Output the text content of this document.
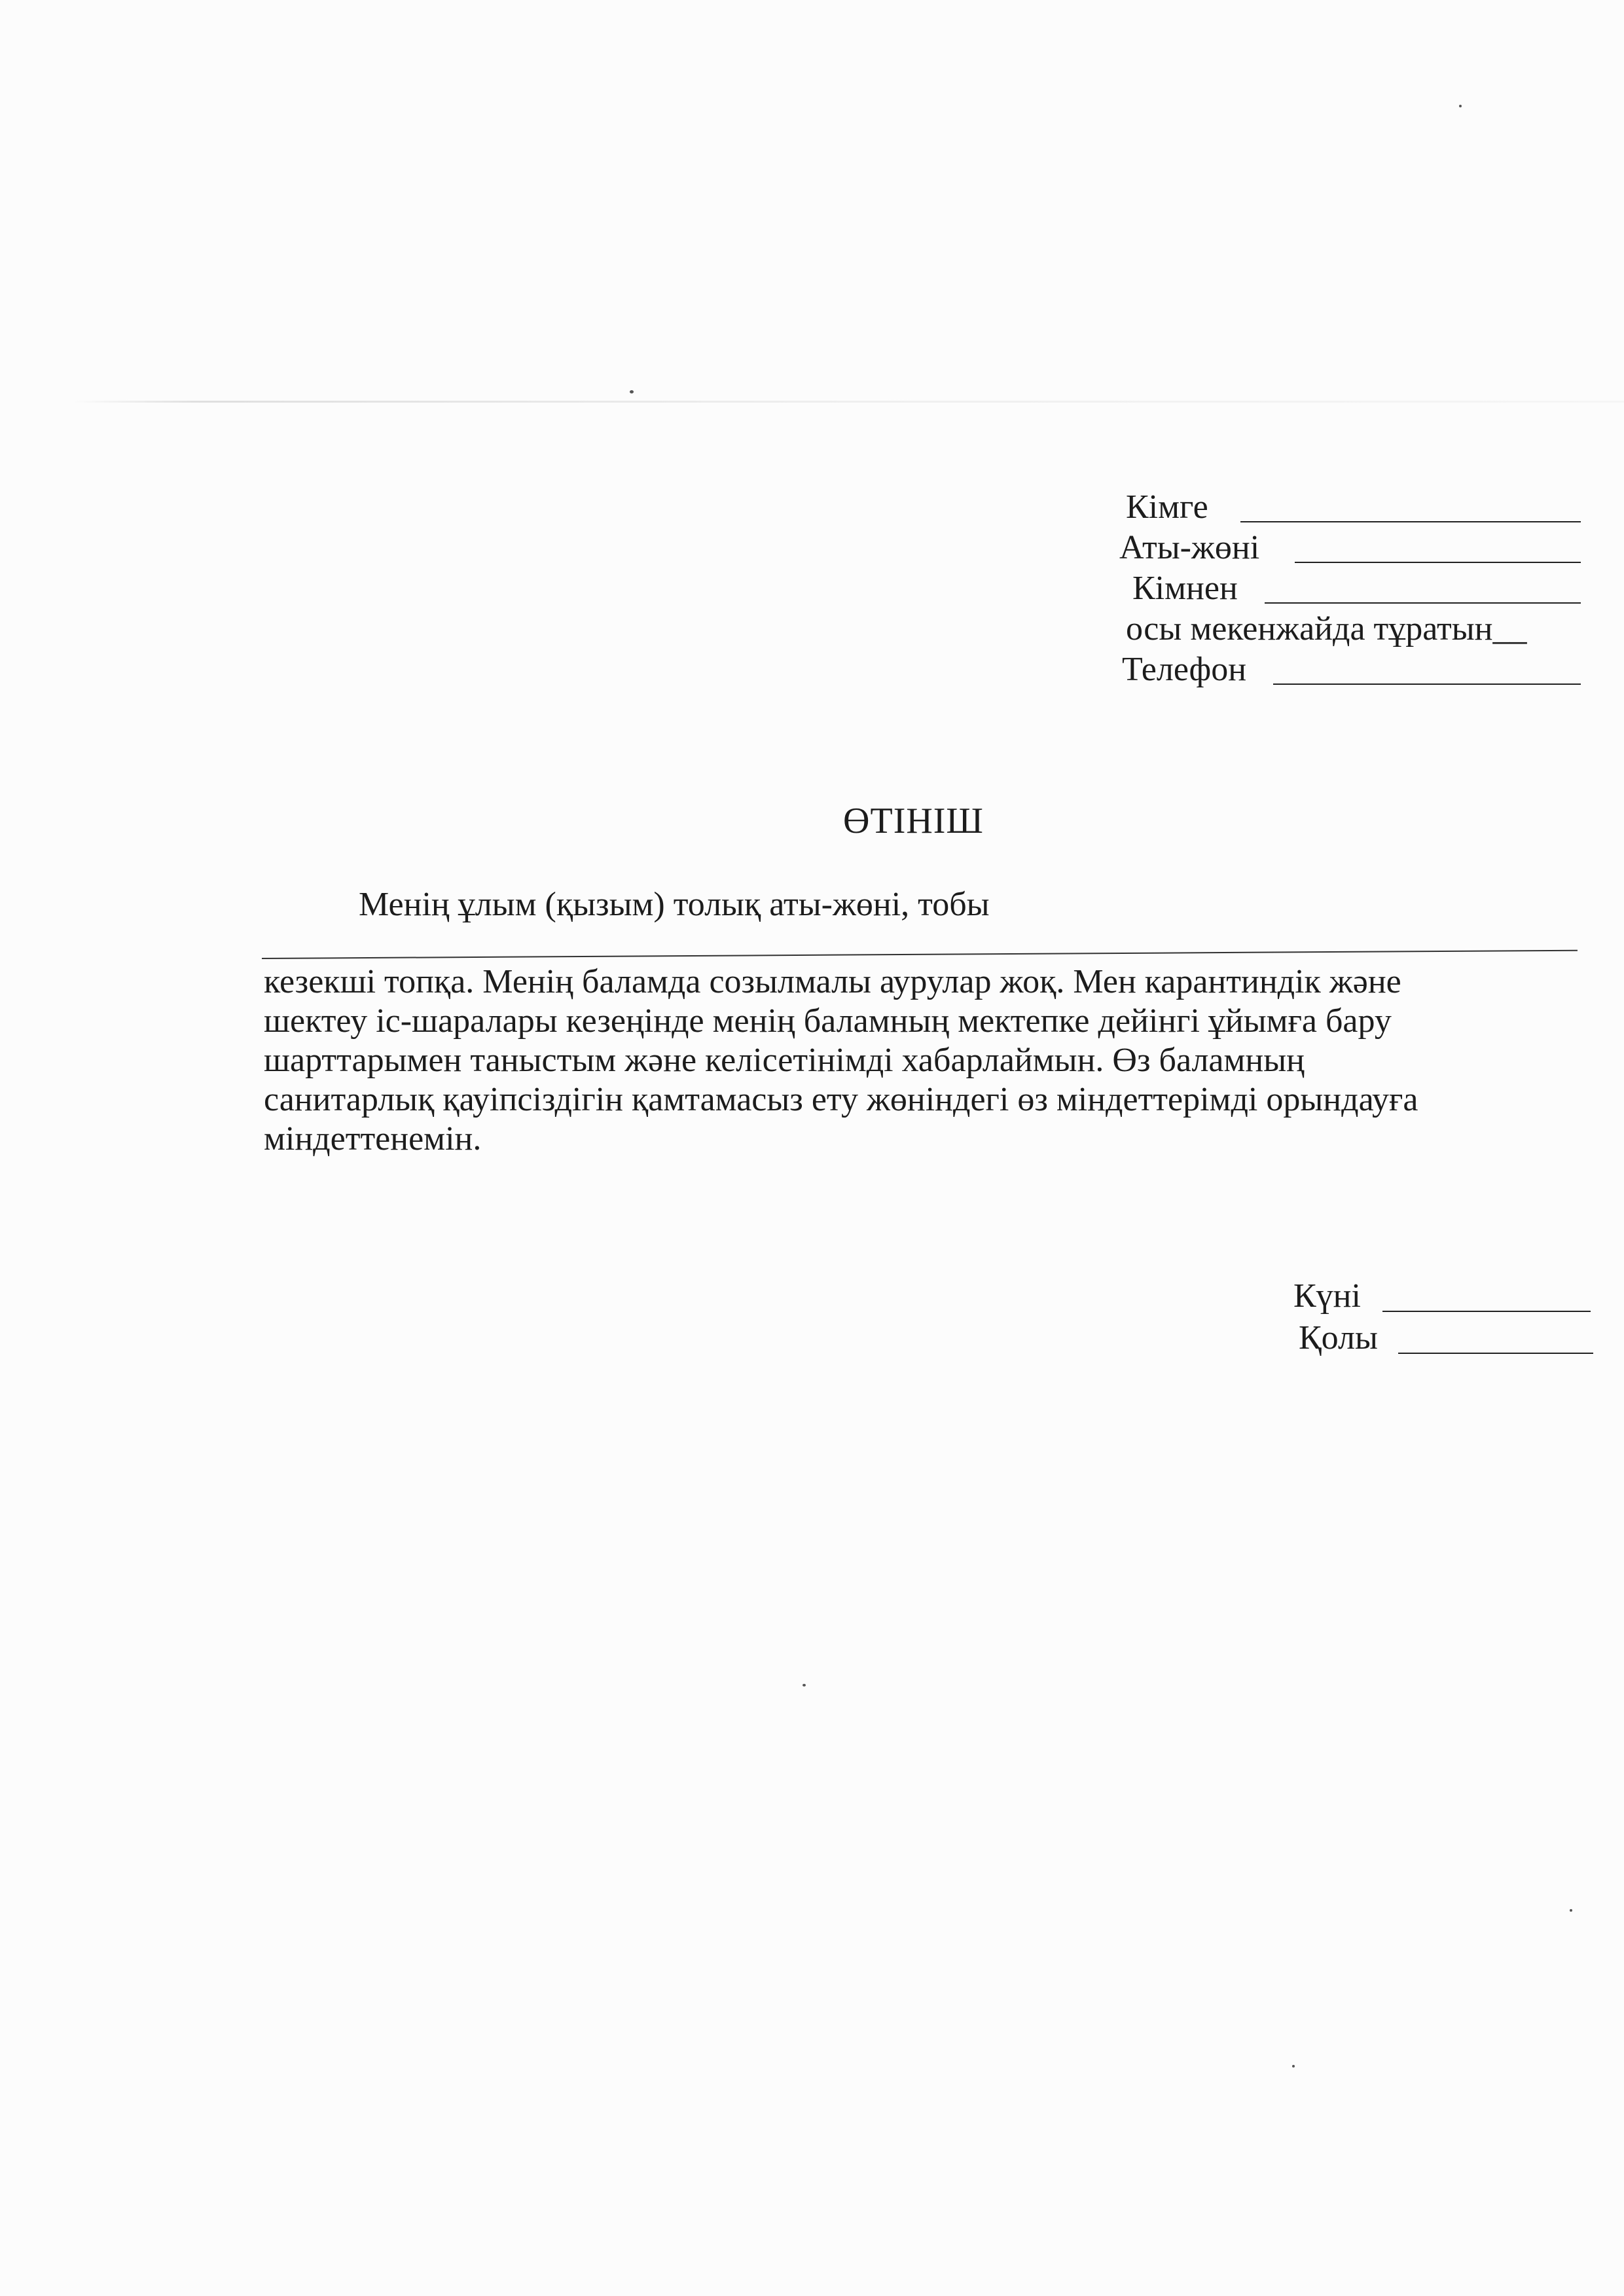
Кімге
Аты-жөні
Кімнен
осы мекенжайда тұратын__
Телефон
ӨТІНІШ
Менің ұлым (қызым) толық аты-жөні, тобы
кезекші топқа. Менің баламда созылмалы аурулар жоқ. Мен карантиндік және
шектеу іс-шаралары кезеңінде менің баламның мектепке дейінгі ұйымға бару
шарттарымен таныстым және келісетінімді хабарлаймын. Өз баламның
санитарлық қауіпсіздігін қамтамасыз ету жөніндегі өз міндеттерімді орындауға
міндеттенемін.
Күні
Қолы
